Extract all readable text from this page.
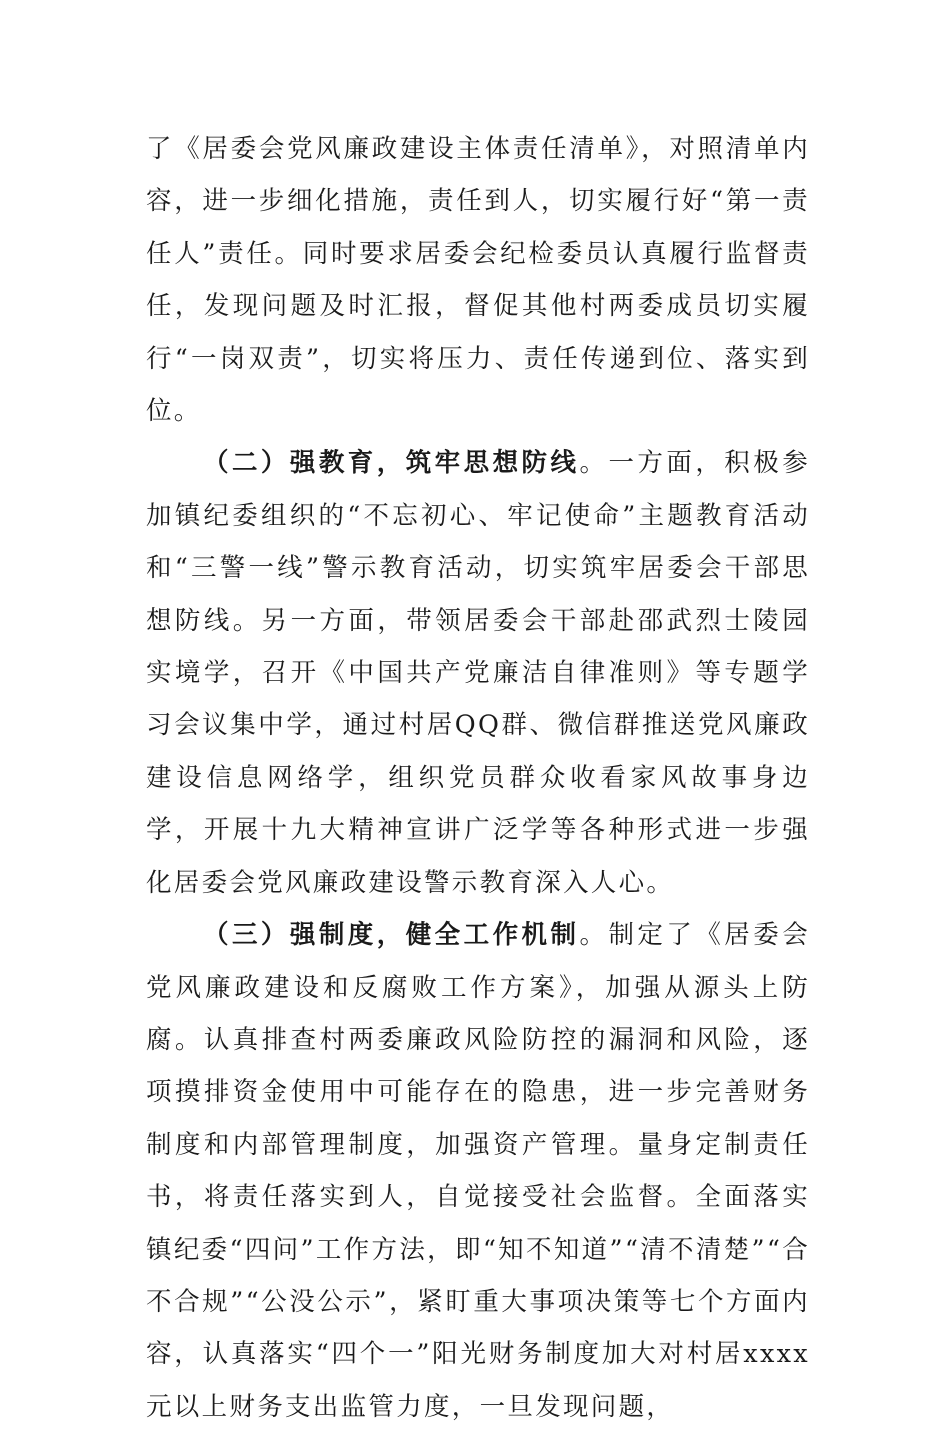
了《居委会党风廉政建设主体责任清单》，对照清单内容，进一步细化措施，责任到人，切实履行好“第一责任人”责任。同时要求居委会纪检委员认真履行监督责任，发现问题及时汇报，督促其他村两委成员切实履行“一岗双责”，切实将压力、责任传递到位、落实到位。

（二）强教育，筑牢思想防线。一方面，积极参加镇纪委组织的“不忘初心、牢记使命”主题教育活动和“三警一线”警示教育活动，切实筑牢居委会干部思想防线。另一方面，带领居委会干部赴邵武烈士陵园实境学，召开《中国共产党廉洁自律准则》等专题学习会议集中学，通过村居QQ群、微信群推送党风廉政建设信息网络学，组织党员群众收看家风故事身边学，开展十九大精神宣讲广泛学等各种形式进一步强化居委会党风廉政建设警示教育深入人心。

（三）强制度，健全工作机制。制定了《居委会党风廉政建设和反腐败工作方案》，加强从源头上防腐。认真排查村两委廉政风险防控的漏洞和风险，逐项摸排资金使用中可能存在的隐患，进一步完善财务制度和内部管理制度，加强资产管理。量身定制责任书，将责任落实到人，自觉接受社会监督。全面落实镇纪委“四问”工作方法，即“知不知道”“清不清楚”“合不合规”“公没公示”，紧盯重大事项决策等七个方面内容，认真落实“四个一”阳光财务制度加大对村居xxxx元以上财务支出监管力度，一旦发现问题，
